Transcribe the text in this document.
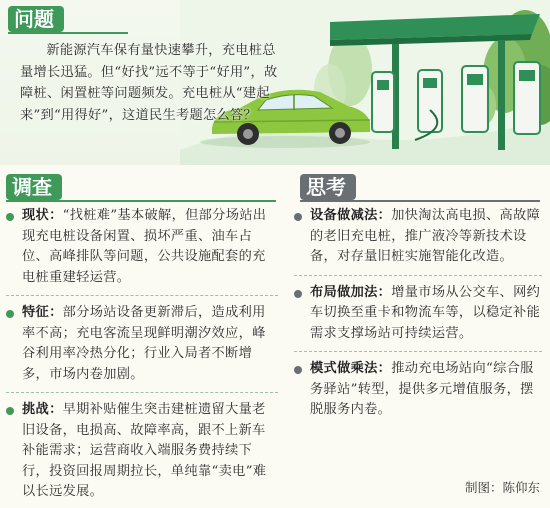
问题

新能源汽车保有量快速攀升，充电桩总量增长迅猛。但“好找”远不等于“好用”，故障桩、闲置桩等问题频发。充电桩从“建起来”到“用得好”，这道民生考题怎么答？

调查

现状：“找桩难”基本破解，但部分场站出现充电桩设备闲置、损坏严重、油车占位、高峰排队等问题，公共设施配套的充电桩重建轻运营。

特征：部分场站设备更新滞后，造成利用率不高；充电客流呈现鲜明潮汐效应，峰谷利用率冷热分化；行业入局者不断增多，市场内卷加剧。

挑战：早期补贴催生突击建桩遗留大量老旧设备，电损高、故障率高，跟不上新车补能需求；运营商收入端服务费持续下行，投资回报周期拉长，单纯靠“卖电”难以长远发展。

思考

设备做减法：加快淘汰高电损、高故障的老旧充电桩，推广液冷等新技术设备，对存量旧桩实施智能化改造。

布局做加法：增量市场从公交车、网约车切换至重卡和物流车等，以稳定补能需求支撑场站可持续运营。

模式做乘法：推动充电场站向“综合服务驿站”转型，提供多元增值服务，摆脱服务内卷。

制图：陈仰东
